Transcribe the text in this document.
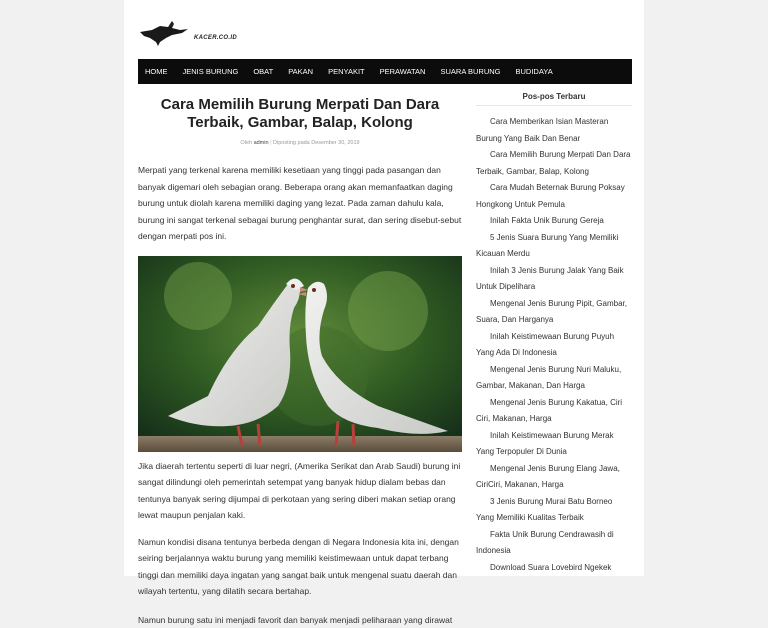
KACER.CO.ID
HOME JENIS BURUNG OBAT PAKAN PENYAKIT PERAWATAN SUARA BURUNG BUDIDAYA
Cara Memilih Burung Merpati Dan Dara Terbaik, Gambar, Balap, Kolong
Oleh admin | Diposting pada Desember 30, 2019

Merpati yang terkenal karena memiliki kesetiaan yang tinggi pada pasangan dan banyak digemari oleh sebagian orang. Beberapa orang akan memanfaatkan daging burung untuk diolah karena memiliki daging yang lezat. Pada zaman dahulu kala, burung ini sangat terkenal sebagai burung penghantar surat, dan sering disebut-sebut dengan merpati pos ini.

Jika diaerah tertentu seperti di luar negri, (Amerika Serikat dan Arab Saudi) burung ini sangat dilindungi oleh pemerintah setempat yang banyak hidup dialam bebas dan tentunya banyak sering dijumpai di perkotaan yang sering diberi makan setiap orang lewat maupun penjalan kaki.

Namun kondisi disana tentunya berbeda dengan di Negara Indonesia kita ini, dengan seiring berjalannya waktu burung yang memiliki keistimewaan untuk dapat terbang tinggi dan memiliki daya ingatan yang sangat baik untuk mengenal suatu daerah dan wilayah tertentu, yang dilatih secara bertahap.

Namun burung satu ini menjadi favorit dan banyak menjadi peliharaan yang dirawat

Pos-pos Terbaru
Cara Memberikan Isian Masteran Burung Yang Baik Dan Benar
Cara Memilih Burung Merpati Dan Dara Terbaik, Gambar, Balap, Kolong
Cara Mudah Beternak Burung Poksay Hongkong Untuk Pemula
Inilah Fakta Unik Burung Gereja
5 Jenis Suara Burung Yang Memiliki Kicauan Merdu
Inilah 3 Jenis Burung Jalak Yang Baik Untuk Dipelihara
Mengenal Jenis Burung Pipit, Gambar, Suara, Dan Harganya
Inilah Keistimewaan Burung Puyuh Yang Ada Di Indonesia
Mengenal Jenis Burung Nuri Maluku, Gambar, Makanan, Dan Harga
Mengenal Jenis Burung Kakatua, Ciri Ciri, Makanan, Harga
Inilah Keistimewaan Burung Merak Yang Terpopuler Di Dunia
Mengenal Jenis Burung Elang Jawa, CiriCiri, Makanan, Harga
3 Jenis Burung Murai Batu Borneo Yang Memiliki Kualitas Terbaik
Fakta Unik Burung Cendrawasih di Indonesia
Download Suara Lovebird Ngekek
